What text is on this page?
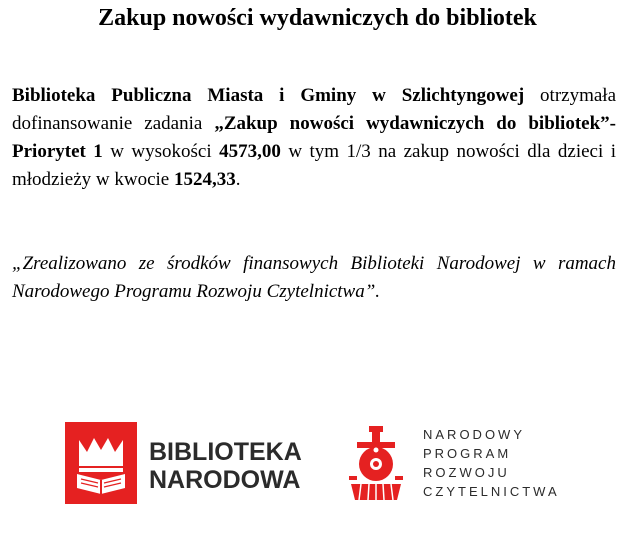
Zakup nowości wydawniczych do bibliotek

Biblioteka Publiczna Miasta i Gminy w Szlichtyngowej otrzymała dofinansowanie zadania „Zakup nowości wydawniczych do bibliotek”- Priorytet 1 w wysokości 4573,00 w tym 1/3 na zakup nowości dla dzieci i młodzieży w kwocie 1524,33.

„Zrealizowano ze środków finansowych Biblioteki Narodowej w ramach Narodowego Programu Rozwoju Czytelnictwa”.

BIBLIOTEKA
NARODOWA
NARODOWY
PROGRAM
ROZWOJU
CZYTELNICTWA
